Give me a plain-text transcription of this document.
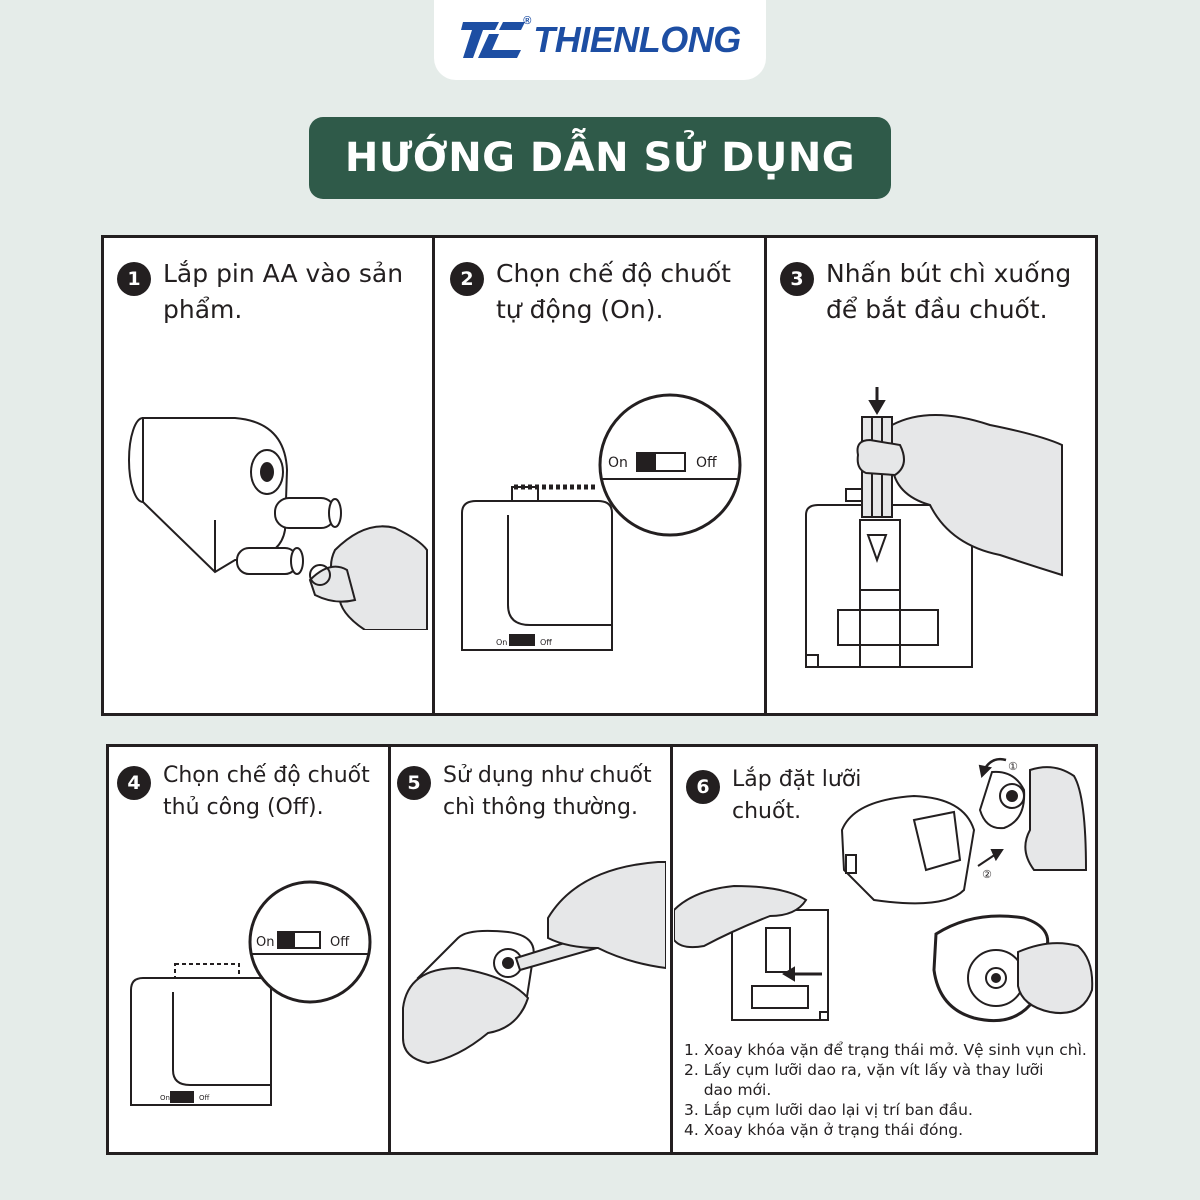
® THIENLONG
HƯỚNG DẪN SỬ DỤNG
1 Lắp pin AA vào sản phẩm.
2 Chọn chế độ chuốt tự động (On).
3 Nhấn bút chì xuống để bắt đầu chuốt.
4	Chọn chế độ chuốt thủ công (Off).
5	Sử dụng như chuốt chì thông thường.
6	Lắp đặt lưỡi chuốt.
On	Off
On	Off
On	Off
On	Off
①
②
1. Xoay khóa vặn để trạng thái mở. Vệ sinh vụn chì.
2. Lấy cụm lưỡi dao ra, vặn vít lấy và thay lưỡi
dao mới.
3. Lắp cụm lưỡi dao lại vị trí ban đầu.
4. Xoay khóa vặn ở trạng thái đóng.
